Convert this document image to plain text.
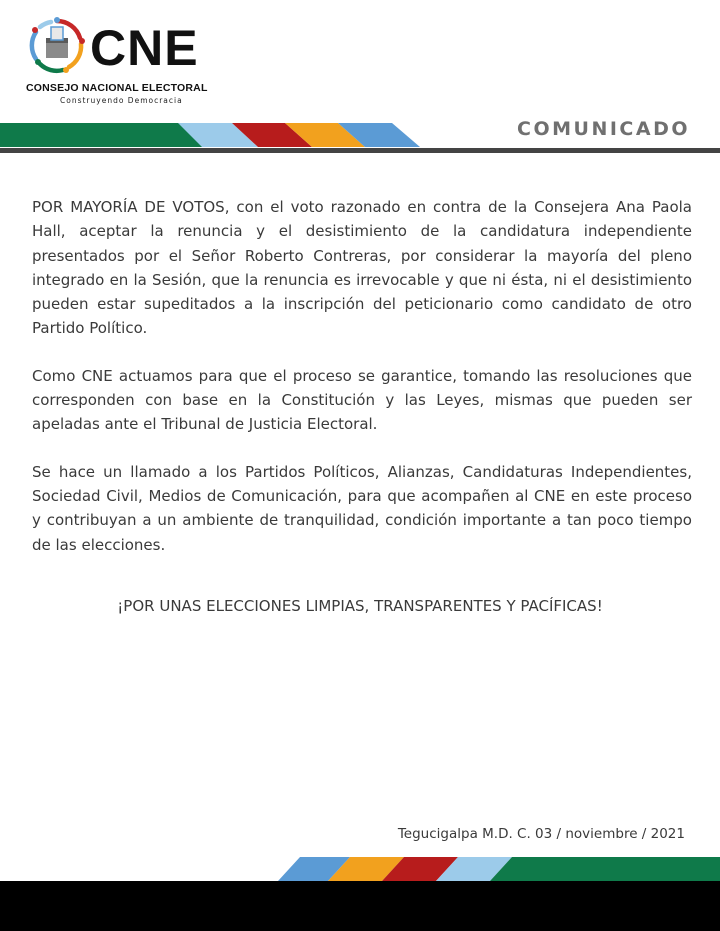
CNE
CONSEJO NACIONAL ELECTORAL
Construyendo Democracia
COMUNICADO

POR MAYORÍA DE VOTOS, con el voto razonado en contra de la Consejera Ana Paola Hall, aceptar la renuncia y el desistimiento de la candidatura independiente presentados por el Señor Roberto Contreras, por considerar la mayoría del pleno integrado en la Sesión, que la renuncia es irrevocable y que ni ésta, ni el desistimiento pueden estar supeditados a la inscripción del peticionario como candidato de otro Partido Político.

Como CNE actuamos para que el proceso se garantice, tomando las resoluciones que corresponden con base en la Constitución y las Leyes, mismas que pueden ser apeladas ante el Tribunal de Justicia Electoral.

Se hace un llamado a los Partidos Políticos, Alianzas, Candidaturas Independientes, Sociedad Civil, Medios de Comunicación, para que acompañen al CNE en este proceso y contribuyan a un ambiente de tranquilidad, condición importante a tan poco tiempo de las elecciones.

¡POR UNAS ELECCIONES LIMPIAS, TRANSPARENTES Y PACÍFICAS!
Tegucigalpa M.D. C. 03 / noviembre / 2021
